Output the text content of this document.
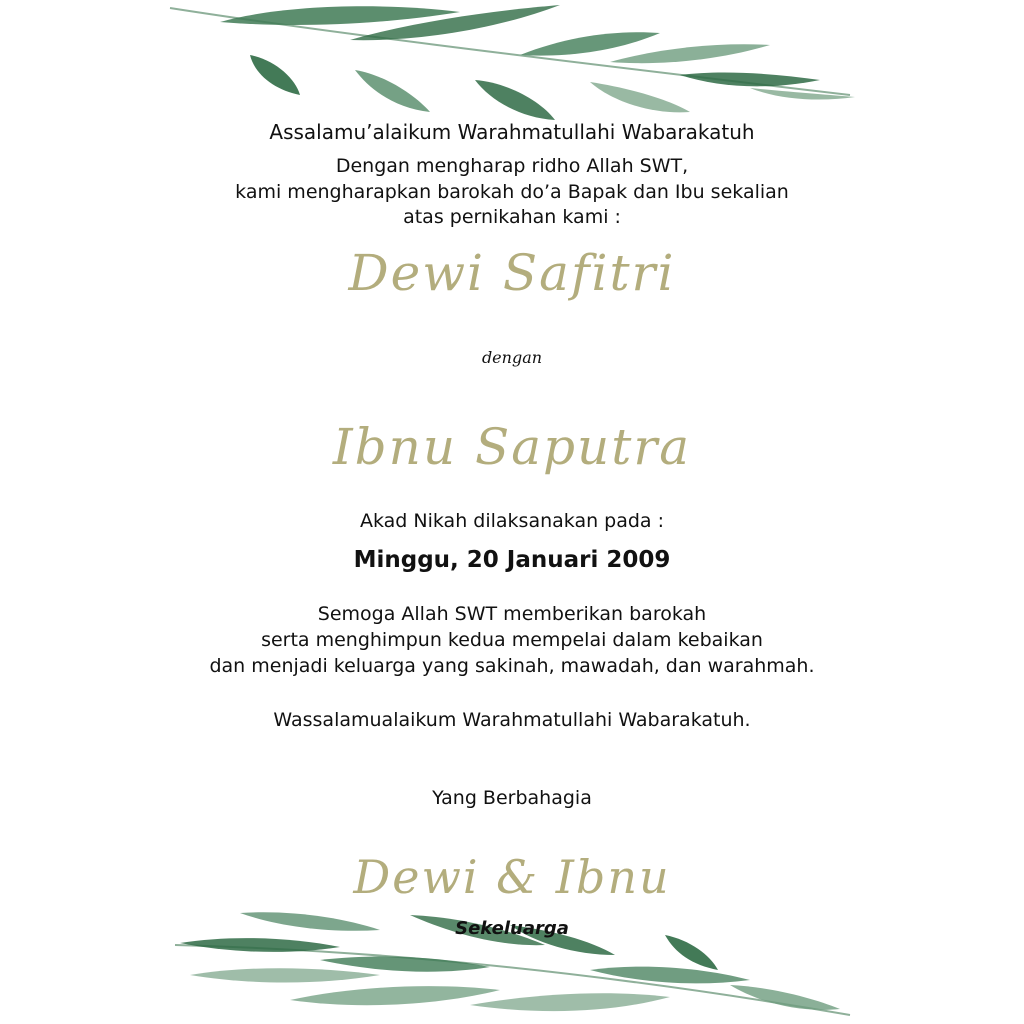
Assalamu’alaikum Warahmatullahi Wabarakatuh
Dengan mengharap ridho Allah SWT,
kami mengharapkan barokah do’a Bapak dan Ibu sekalian
atas pernikahan kami :
Dewi Safitri
dengan
Ibnu Saputra
Akad Nikah dilaksanakan pada :
Minggu, 20 Januari 2009
Semoga Allah SWT memberikan barokah
serta menghimpun kedua mempelai dalam kebaikan
dan menjadi keluarga yang sakinah, mawadah, dan warahmah.
Wassalamualaikum Warahmatullahi Wabarakatuh.
Yang Berbahagia
Dewi & Ibnu
Sekeluarga
